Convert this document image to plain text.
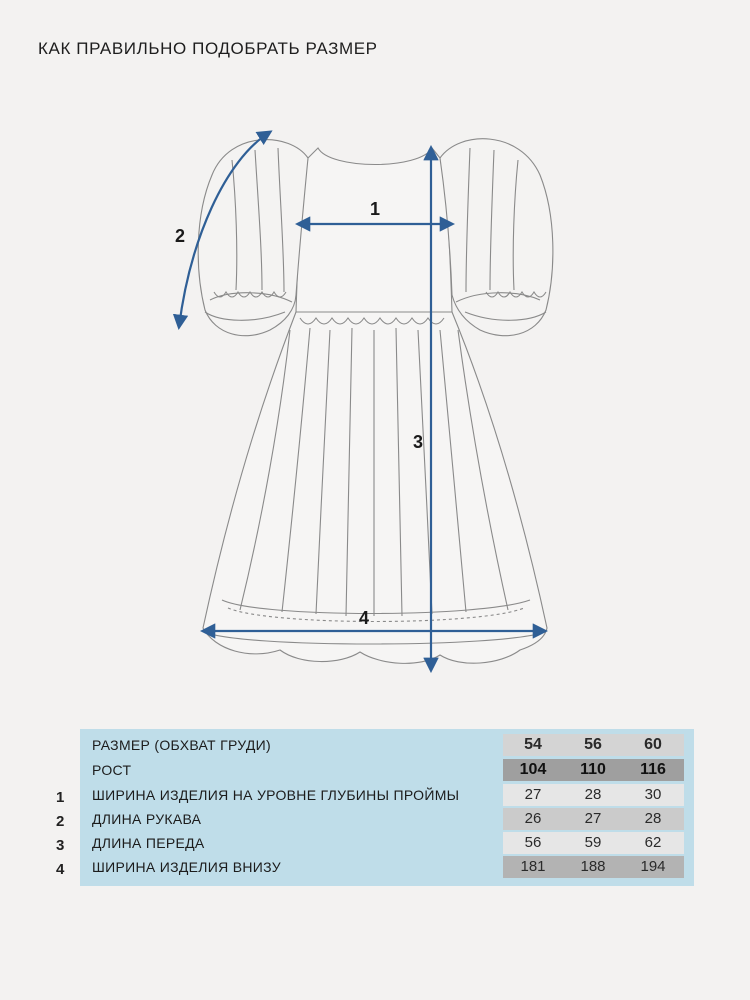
КАК ПРАВИЛЬНО ПОДОБРАТЬ РАЗМЕР
1
2
3
4
1
2
3
4
РАЗМЕР (ОБХВАТ ГРУДИ)	54	56	60
РОСТ	104	110	116
ШИРИНА ИЗДЕЛИЯ НА УРОВНЕ ГЛУБИНЫ ПРОЙМЫ	27	28	30
ДЛИНА РУКАВА	26	27	28
ДЛИНА ПЕРЕДА	56	59	62
ШИРИНА ИЗДЕЛИЯ ВНИЗУ	181	188	194
